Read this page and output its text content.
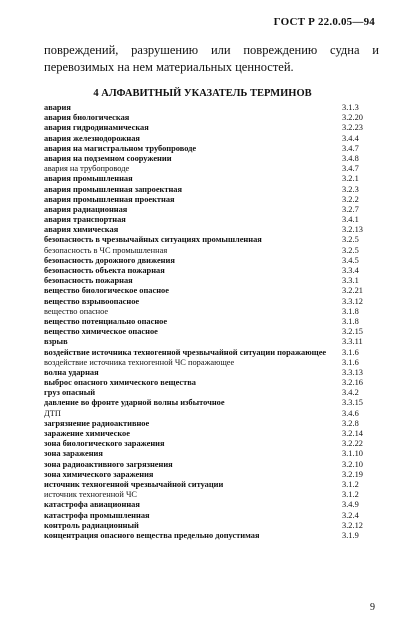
ГОСТ Р 22.0.05—94
повреждений, разрушению или повреждению судна и перевозимых на нем материальных ценностей.
4 АЛФАВИТНЫЙ УКАЗАТЕЛЬ ТЕРМИНОВ
авария	3.1.3
авария биологическая	3.2.20
авария гидродинамическая	3.2.23
авария железнодорожная	3.4.4
авария на магистральном трубопроводе	3.4.7
авария на подземном сооружении	3.4.8
авария на трубопроводе	3.4.7
авария промышленная	3.2.1
авария промышленная запроектная	3.2.3
авария промышленная проектная	3.2.2
авария радиационная	3.2.7
авария транспортная	3.4.1
авария химическая	3.2.13
безопасность в чрезвычайных ситуациях промышленная	3.2.5
безопасность в ЧС промышленная	3.2.5
безопасность дорожного движения	3.4.5
безопасность объекта пожарная	3.3.4
безопасность пожарная	3.3.1
вещество биологическое опасное	3.2.21
вещество взрывоопасное	3.3.12
вещество опасное	3.1.8
вещество потенциально опасное	3.1.8
вещество химическое опасное	3.2.15
взрыв	3.3.11
воздействие источника техногенной чрезвычайной ситуации поражающее 3.1.6
воздействие источника техногенной ЧС поражающее	3.1.6
волна ударная	3.3.13
выброс опасного химического вещества	3.2.16
груз опасный	3.4.2
давление во фронте ударной волны избыточное	3.3.15
ДТП	3.4.6
загрязнение радиоактивное	3.2.8
заражение химическое	3.2.14
зона биологического заражения	3.2.22
зона заражения	3.1.10
зона радиоактивного загрязнения	3.2.10
зона химического заражения	3.2.19
источник техногенной чрезвычайной ситуации	3.1.2
источник техногенной ЧС	3.1.2
катастрофа авиационная	3.4.9
катастрофа промышленная	3.2.4
контроль радиационный	3.2.12
концентрация опасного вещества предельно допустимая	3.1.9
9
